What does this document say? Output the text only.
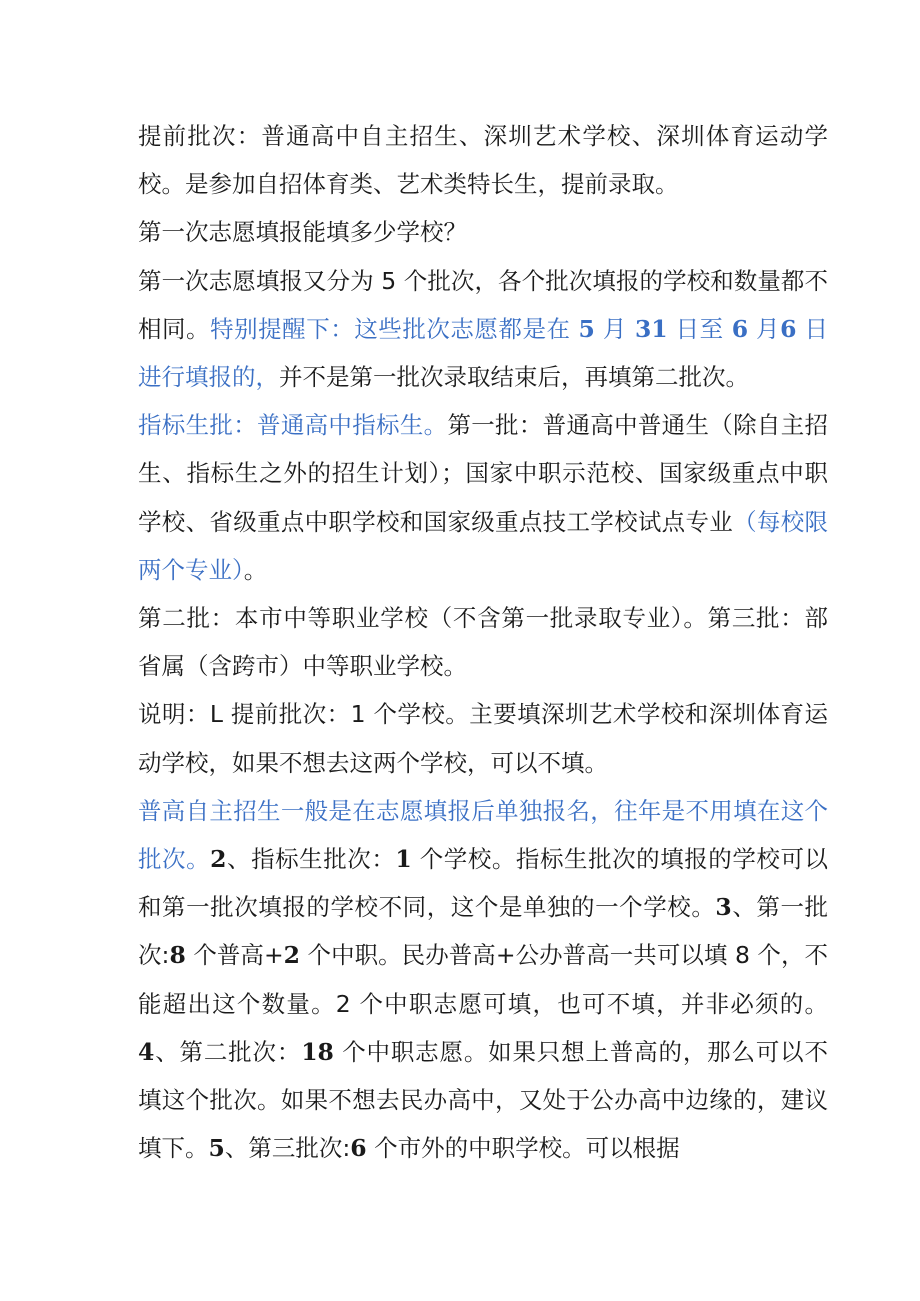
提前批次：普通高中自主招生、深圳艺术学校、深圳体育运动学校。是参加自招体育类、艺术类特长生，提前录取。

第一次志愿填报能填多少学校？

第一次志愿填报又分为 5 个批次，各个批次填报的学校和数量都不相同。特别提醒下：这些批次志愿都是在 5 月 31 日至 6 月6 日进行填报的，并不是第一批次录取结束后，再填第二批次。

指标生批：普通高中指标生。第一批：普通高中普通生（除自主招生、指标生之外的招生计划）；国家中职示范校、国家级重点中职学校、省级重点中职学校和国家级重点技工学校试点专业（每校限两个专业）。

第二批：本市中等职业学校（不含第一批录取专业）。第三批：部省属（含跨市）中等职业学校。

说明：L 提前批次：1 个学校。主要填深圳艺术学校和深圳体育运动学校，如果不想去这两个学校，可以不填。

普高自主招生一般是在志愿填报后单独报名，往年是不用填在这个批次。2、指标生批次：1 个学校。指标生批次的填报的学校可以和第一批次填报的学校不同，这个是单独的一个学校。3、第一批次:8 个普高+2 个中职。民办普高+公办普高一共可以填 8 个，不能超出这个数量。2 个中职志愿可填，也可不填，并非必须的。4、第二批次：18 个中职志愿。如果只想上普高的，那么可以不填这个批次。如果不想去民办高中，又处于公办高中边缘的，建议填下。5、第三批次:6 个市外的中职学校。可以根据
